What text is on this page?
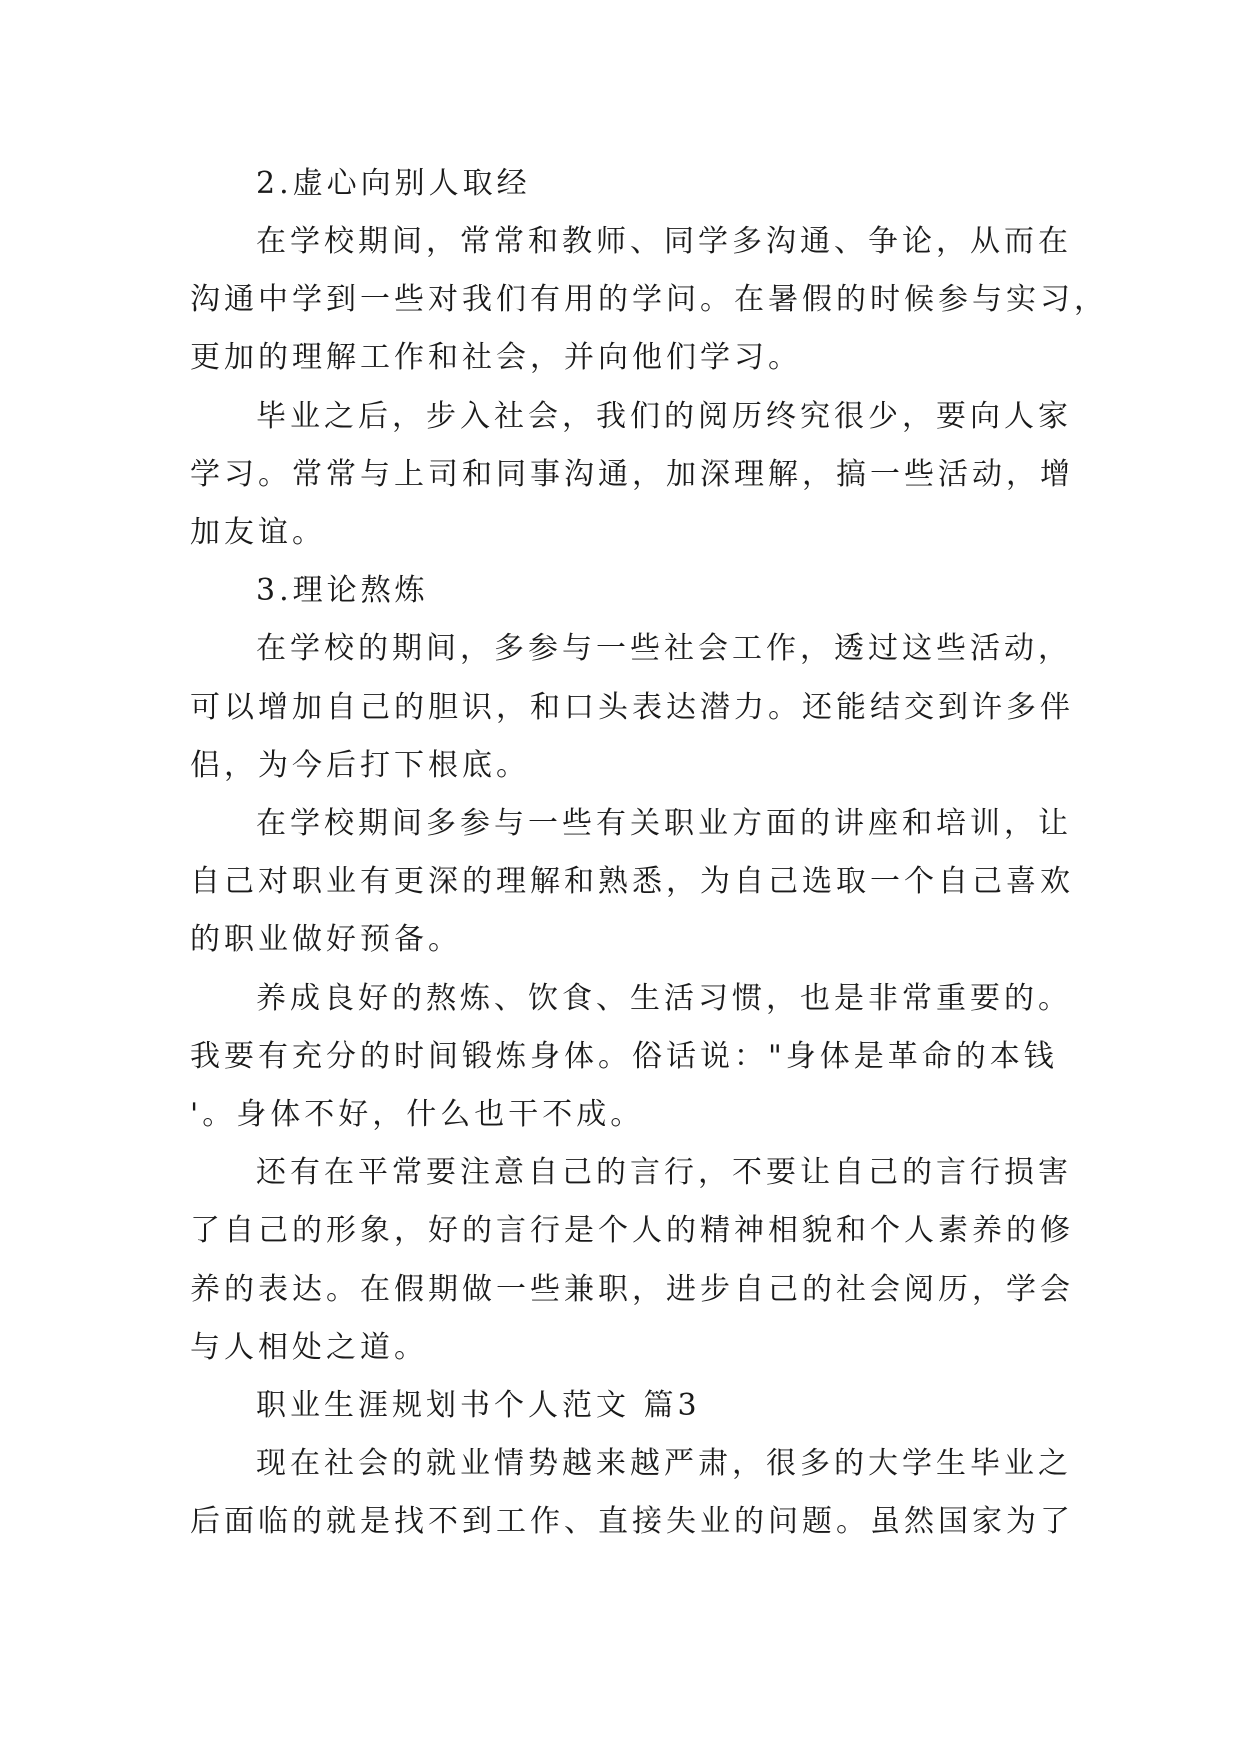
2.虚心向别人取经
在学校期间，常常和教师、同学多沟通、争论，从而在
沟通中学到一些对我们有用的学问。在暑假的时候参与实习，
更加的理解工作和社会，并向他们学习。
毕业之后，步入社会，我们的阅历终究很少，要向人家
学习。常常与上司和同事沟通，加深理解，搞一些活动，增
加友谊。
3.理论熬炼
在学校的期间，多参与一些社会工作，透过这些活动，
可以增加自己的胆识，和口头表达潜力。还能结交到许多伴
侣，为今后打下根底。
在学校期间多参与一些有关职业方面的讲座和培训，让
自己对职业有更深的理解和熟悉，为自己选取一个自己喜欢
的职业做好预备。
养成良好的熬炼、饮食、生活习惯，也是非常重要的。
我要有充分的时间锻炼身体。俗话说："身体是革命的本钱
'。身体不好，什么也干不成。
还有在平常要注意自己的言行，不要让自己的言行损害
了自己的形象，好的言行是个人的精神相貌和个人素养的修
养的表达。在假期做一些兼职，进步自己的社会阅历，学会
与人相处之道。
职业生涯规划书个人范文 篇3
现在社会的就业情势越来越严肃，很多的大学生毕业之
后面临的就是找不到工作、直接失业的问题。虽然国家为了
